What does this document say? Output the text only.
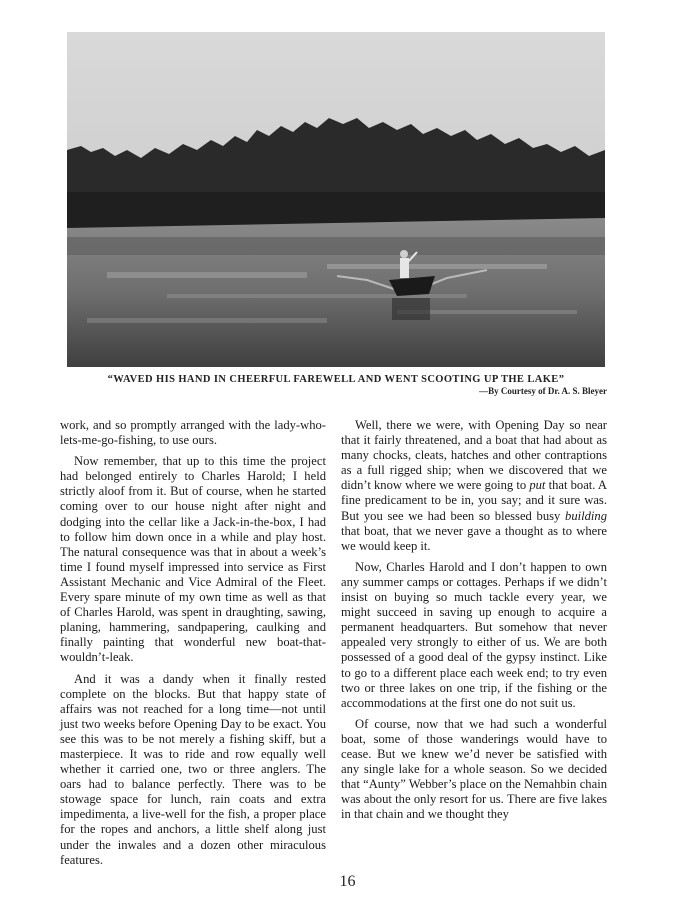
“WAVED HIS HAND IN CHEERFUL FAREWELL AND WENT SCOOTING UP THE LAKE”
—By Courtesy of Dr. A. S. Bleyer

work, and so promptly arranged with the lady-who-lets-me-go-fishing, to use ours.

Now remember, that up to this time the project had belonged entirely to Charles Harold; I held strictly aloof from it. But of course, when he started coming over to our house night after night and dodging into the cellar like a Jack-in-the-box, I had to follow him down once in a while and play host. The natural consequence was that in about a week’s time I found myself impressed into service as First Assistant Mechanic and Vice Admiral of the Fleet. Every spare minute of my own time as well as that of Charles Harold, was spent in draughting, sawing, planing, hammering, sandpapering, caulking and finally painting that wonderful new boat-that-wouldn’t-leak.

And it was a dandy when it finally rested complete on the blocks. But that happy state of affairs was not reached for a long time—not until just two weeks before Opening Day to be exact. You see this was to be not merely a fishing skiff, but a masterpiece. It was to ride and row equally well whether it carried one, two or three anglers. The oars had to balance perfectly. There was to be stowage space for lunch, rain coats and extra impedimenta, a live-well for the fish, a proper place for the ropes and anchors, a little shelf along just under the inwales and a dozen other miraculous features.

Well, there we were, with Opening Day so near that it fairly threatened, and a boat that had about as many chocks, cleats, hatches and other contraptions as a full rigged ship; when we discovered that we didn’t know where we were going to put that boat. A fine predicament to be in, you say; and it sure was. But you see we had been so blessed busy building that boat, that we never gave a thought as to where we would keep it.

Now, Charles Harold and I don’t happen to own any summer camps or cottages. Perhaps if we didn’t insist on buying so much tackle every year, we might succeed in saving up enough to acquire a permanent headquarters. But somehow that never appealed very strongly to either of us. We are both possessed of a good deal of the gypsy instinct. Like to go to a different place each week end; to try even two or three lakes on one trip, if the fishing or the accommodations at the first one do not suit us.

Of course, now that we had such a wonderful boat, some of those wanderings would have to cease. But we knew we’d never be satisfied with any single lake for a whole season. So we decided that “Aunty” Webber’s place on the Nemahbin chain was about the only resort for us. There are five lakes in that chain and we thought they

16
